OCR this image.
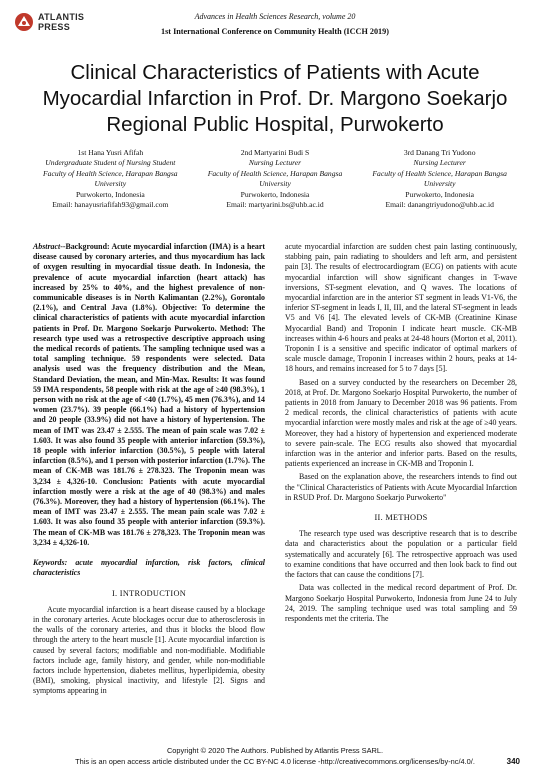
ATLANTIS PRESS
Advances in Health Sciences Research, volume 20
1st International Conference on Community Health (ICCH 2019)
Clinical Characteristics of Patients with Acute Myocardial Infarction in Prof. Dr. Margono Soekarjo Regional Public Hospital, Purwokerto
1st Hana Yusri Afifah
Undergraduate Student of Nursing Student
Faculty of Health Science, Harapan Bangsa University
Purwokerto, Indonesia
Email: hanayusriafifah93@gmail.com
2nd Martyarini Budi S
Nursing Lecturer
Faculty of Health Science, Harapan Bangsa University
Purwokerto, Indonesia
Email: martyarini.bs@uhb.ac.id
3rd Danang Tri Yudono
Nursing Lecturer
Faculty of Health Science, Harapan Bangsa University
Purwokerto, Indonesia
Email: danangtriyudono@uhb.ac.id
Abstract--Background: Acute myocardial infarction (IMA) is a heart disease caused by coronary arteries, and thus myocardium has lack of oxygen resulting in myocardial tissue death. In Indonesia, the prevalence of acute myocardial infarction (heart attack) has increased by 25% to 40%, and the highest prevalence of non-communicable diseases is in North Kalimantan (2.2%), Gorontalo (2.1%), and Central Java (1.8%). Objective: To determine the clinical characteristics of patients with acute myocardial infarction patients in Prof. Dr. Margono Soekarjo Purwokerto. Method: The research type used was a retrospective descriptive approach using the medical records of patients. The sampling technique used was a total sampling technique. 59 respondents were selected. Data analysis used was the frequency distribution and the Mean, Standard Deviation, the mean, and Min-Max. Results: It was found 59 IMA respondents, 58 people with risk at the age of ≥40 (98.3%), 1 person with no risk at the age of <40 (1.7%), 45 men (76.3%), and 14 women (23.7%). 39 people (66.1%) had a history of hypertension and 20 people (33.9%) did not have a history of hypertension. The mean of IMT was 23.47 ± 2.555. The mean of pain scale was 7.02 ± 1.603. It was also found 35 people with anterior infarction (59.3%), 18 people with inferior infarction (30.5%), 5 people with lateral infarction (8.5%), and 1 person with posterior infarction (1.7%). The mean of CK-MB was 181.76 ± 278.323. The Troponin mean was 3,234 ± 4,326-10. Conclusion: Patients with acute myocardial infarction mostly were a risk at the age of 40 (98.3%) and males (76.3%). Moreover, they had a history of hypertension (66.1%). The mean of IMT was 23.47 ± 2.555. The mean pain scale was 7.02 ± 1.603. It was also found 35 people with anterior infarction (59.3%). The mean of CK-MB was 181.76 ± 278,323. The Troponin mean was 3,234 ± 4,326-10.
Keywords: acute myocardial infarction, risk factors, clinical characteristics
I. INTRODUCTION

Acute myocardial infarction is a heart disease caused by a blockage in the coronary arteries. Acute blockages occur due to atherosclerosis in the walls of the coronary arteries, and thus it blocks the blood flow through the artery to the heart muscle [1]. Acute myocardial infarction is caused by several factors; modifiable and non-modifiable. Modifiable factors include age, family history, and gender, while non-modifiable factors include hypertension, diabetes mellitus, hyperlipidemia, obesity (BMI), smoking, physical inactivity, and lifestyle [2]. Signs and symptoms appearing in

acute myocardial infarction are sudden chest pain lasting continuously, stabbing pain, pain radiating to shoulders and left arm, and persistent pain [3]. The results of electrocardiogram (ECG) on patients with acute myocardial infarction will show significant changes in T-wave inversions, ST-segment elevation, and Q waves. The locations of myocardial infarction are in the anterior ST segment in leads V1-V6, the inferior ST-segment in leads I, II, III, and the lateral ST-segment in leads V5 and V6 [4]. The elevated levels of CK-MB (Creatinine Kinase Myocardial Band) and Troponin I indicate heart muscle. CK-MB increases within 4-6 hours and peaks at 24-48 hours (Morton et al, 2011). Troponin I is a sensitive and specific indicator of optimal markers of scale muscle damage, Troponin I increases within 2 hours, peaks at 14-18 hours, and remains increased for 5 to 7 days [5].

Based on a survey conducted by the researchers on December 28, 2018, at Prof. Dr. Margono Soekarjo Hospital Purwokerto, the number of patients in 2018 from January to December 2018 was 96 patients. From 2 medical records, the clinical characteristics of patients with acute myocardial infarction were mostly males and risk at the age of ≥40 years. Moreover, they had a history of hypertension and experienced moderate to severe pain-scale. The ECG results also showed that myocardial infarction was in the anterior and inferior parts. Based on the results, patients experienced an increase in CK-MB and Troponin I.

Based on the explanation above, the researchers intends to find out the "Clinical Characteristics of Patients with Acute Myocardial Infarction in RSUD Prof. Dr. Margono Soekarjo Purwokerto"

II. METHODS

The research type used was descriptive research that is to describe data and characteristics about the population or a particular field systematically and accurately [6]. The retrospective approach was used to examine conditions that have occurred and then look back to find out the factors that can cause the conditions [7].

Data was collected in the medical record department of Prof. Dr. Margono Soekarjo Hospital Purwokerto, Indonesia from June 24 to July 24, 2019. The sampling technique used was total sampling and 59 respondents met the criteria. The

Copyright © 2020 The Authors. Published by Atlantis Press SARL.
This is an open access article distributed under the CC BY-NC 4.0 license -http://creativecommons.org/licenses/by-nc/4.0/.	340
